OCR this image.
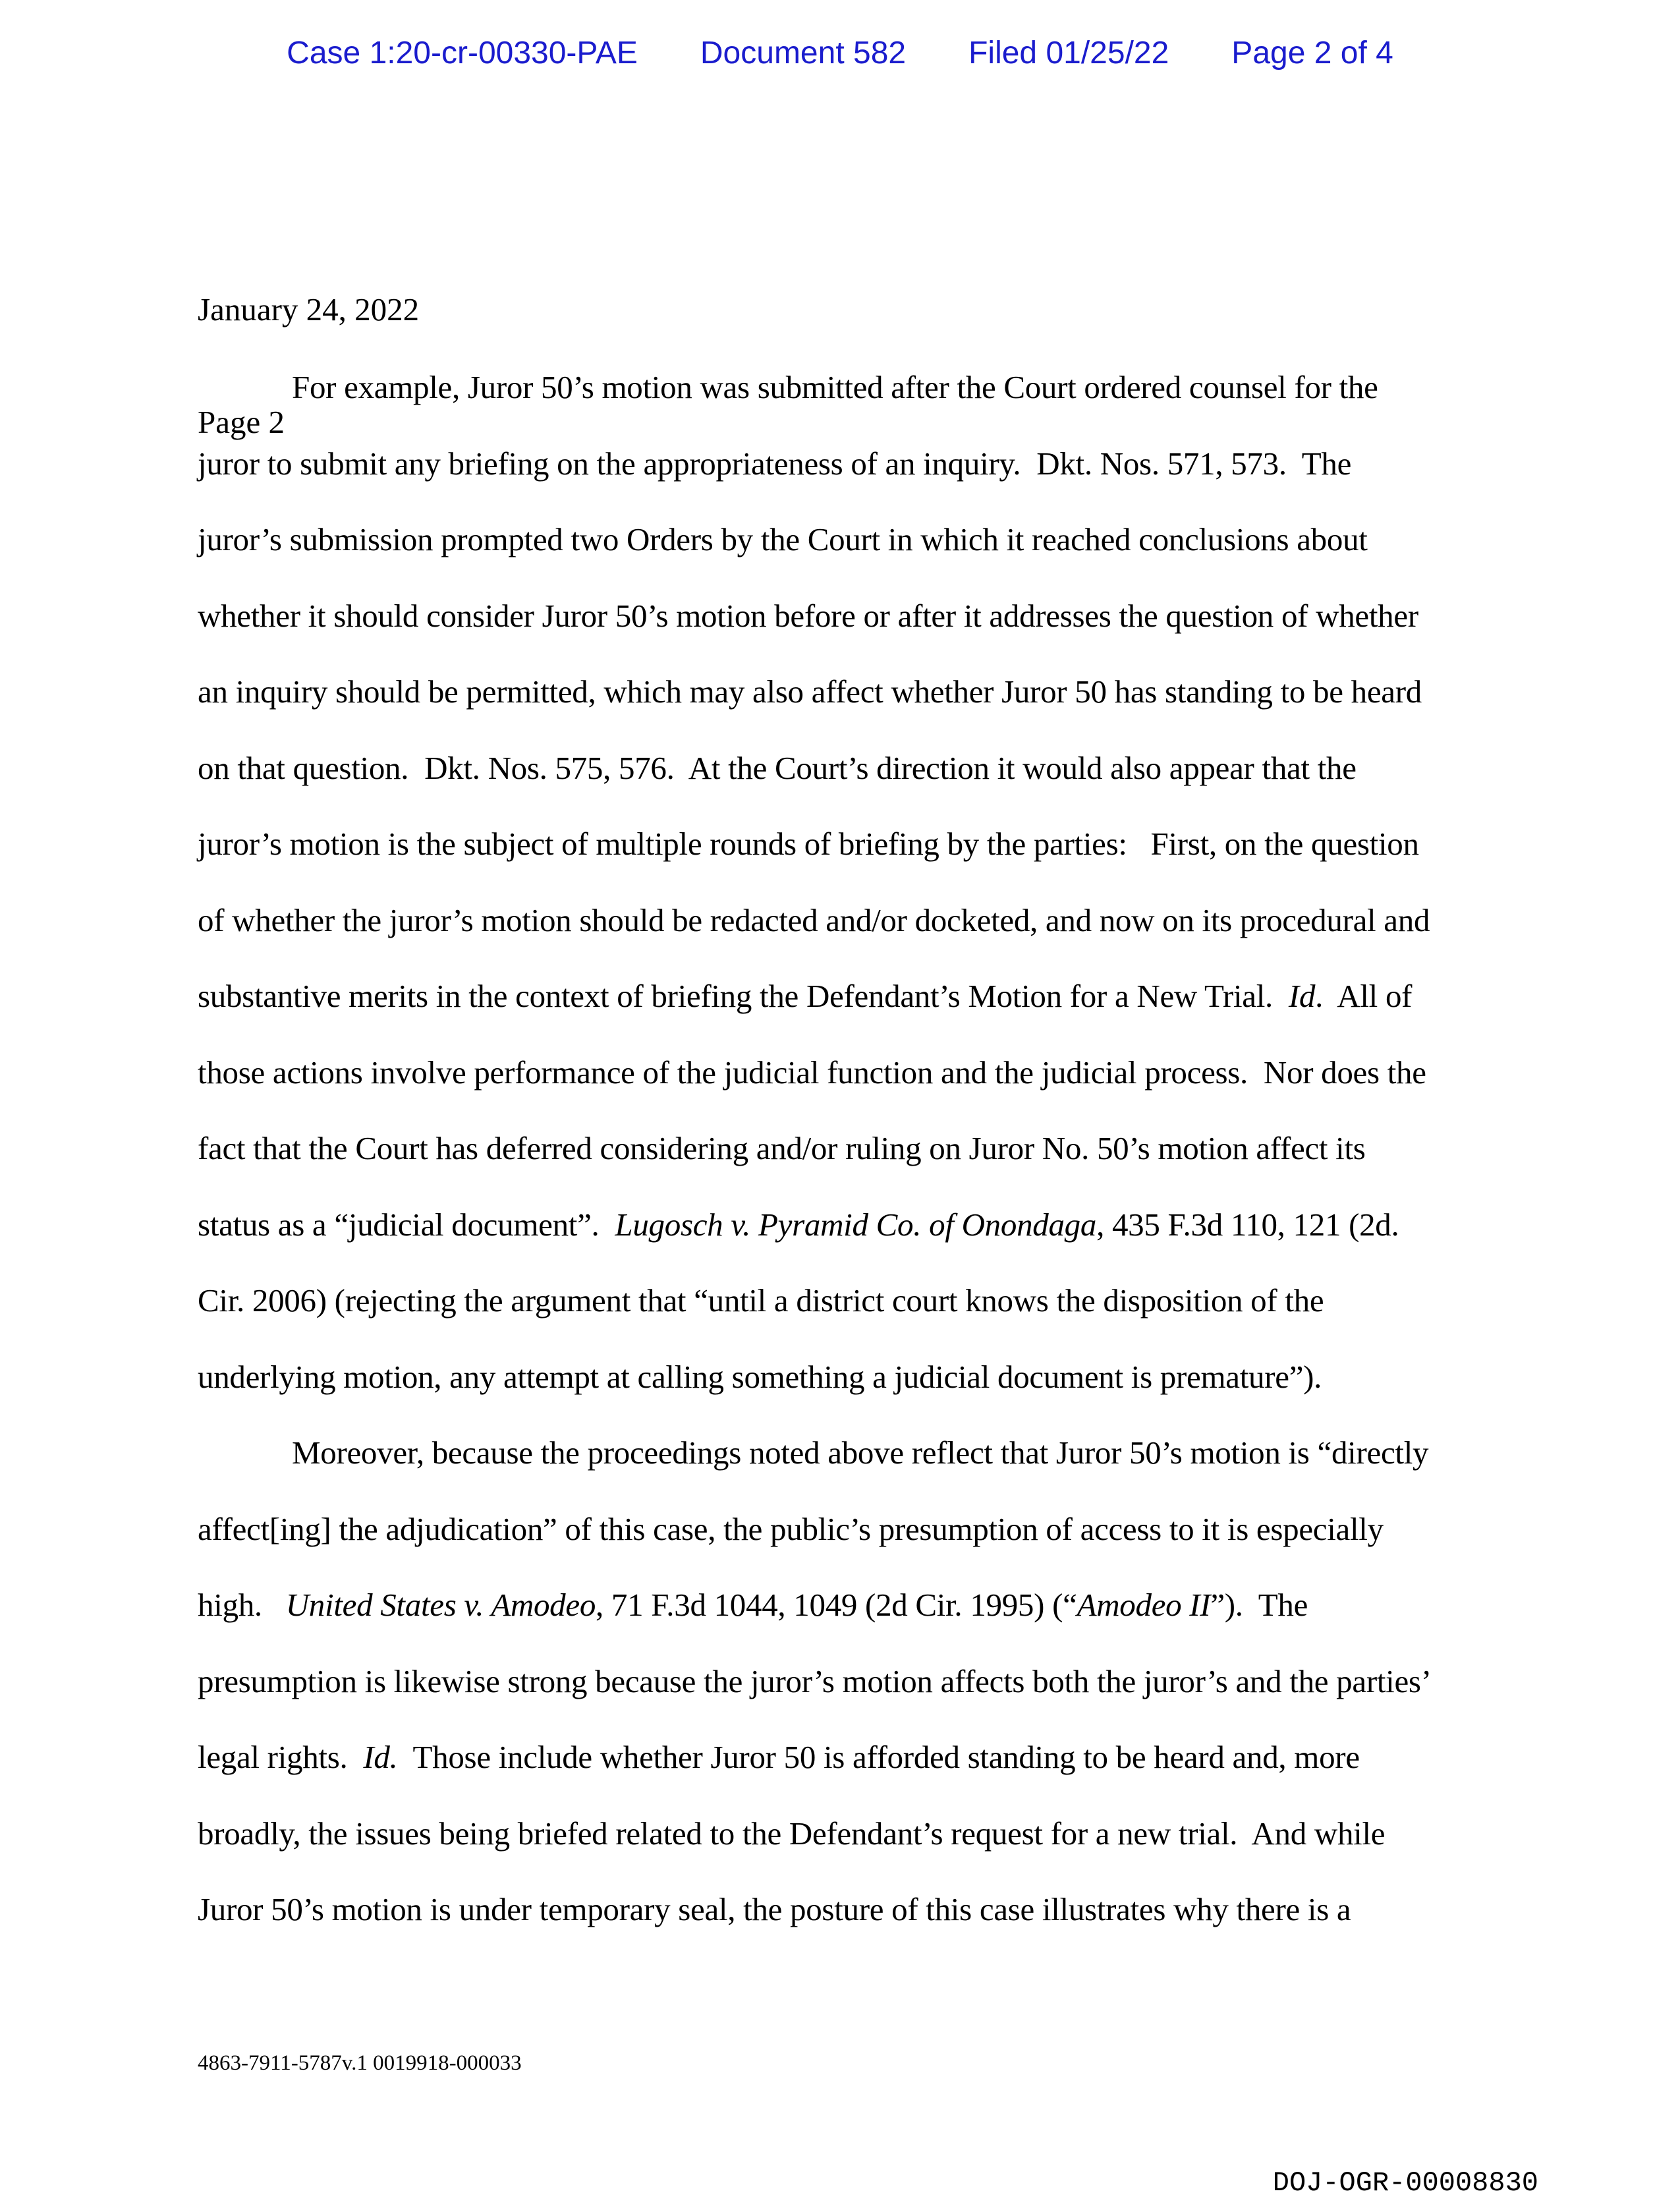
Case 1:20-cr-00330-PAE Document 582 Filed 01/25/22 Page 2 of 4

January 24, 2022

Page 2

For example, Juror 50’s motion was submitted after the Court ordered counsel for the
juror to submit any briefing on the appropriateness of an inquiry.  Dkt. Nos. 571, 573.  The
juror’s submission prompted two Orders by the Court in which it reached conclusions about
whether it should consider Juror 50’s motion before or after it addresses the question of whether
an inquiry should be permitted, which may also affect whether Juror 50 has standing to be heard
on that question.  Dkt. Nos. 575, 576.  At the Court’s direction it would also appear that the
juror’s motion is the subject of multiple rounds of briefing by the parties:   First, on the question
of whether the juror’s motion should be redacted and/or docketed, and now on its procedural and
substantive merits in the context of briefing the Defendant’s Motion for a New Trial.  Id.  All of
those actions involve performance of the judicial function and the judicial process.  Nor does the
fact that the Court has deferred considering and/or ruling on Juror No. 50’s motion affect its
status as a “judicial document”.  Lugosch v. Pyramid Co. of Onondaga, 435 F.3d 110, 121 (2d.
Cir. 2006) (rejecting the argument that “until a district court knows the disposition of the
underlying motion, any attempt at calling something a judicial document is premature”).
Moreover, because the proceedings noted above reflect that Juror 50’s motion is “directly
affect[ing] the adjudication” of this case, the public’s presumption of access to it is especially
high.   United States v. Amodeo, 71 F.3d 1044, 1049 (2d Cir. 1995) (“Amodeo II”).  The
presumption is likewise strong because the juror’s motion affects both the juror’s and the parties’
legal rights.  Id.  Those include whether Juror 50 is afforded standing to be heard and, more
broadly, the issues being briefed related to the Defendant’s request for a new trial.  And while
Juror 50’s motion is under temporary seal, the posture of this case illustrates why there is a
4863-7911-5787v.1 0019918-000033
DOJ-OGR-00008830
